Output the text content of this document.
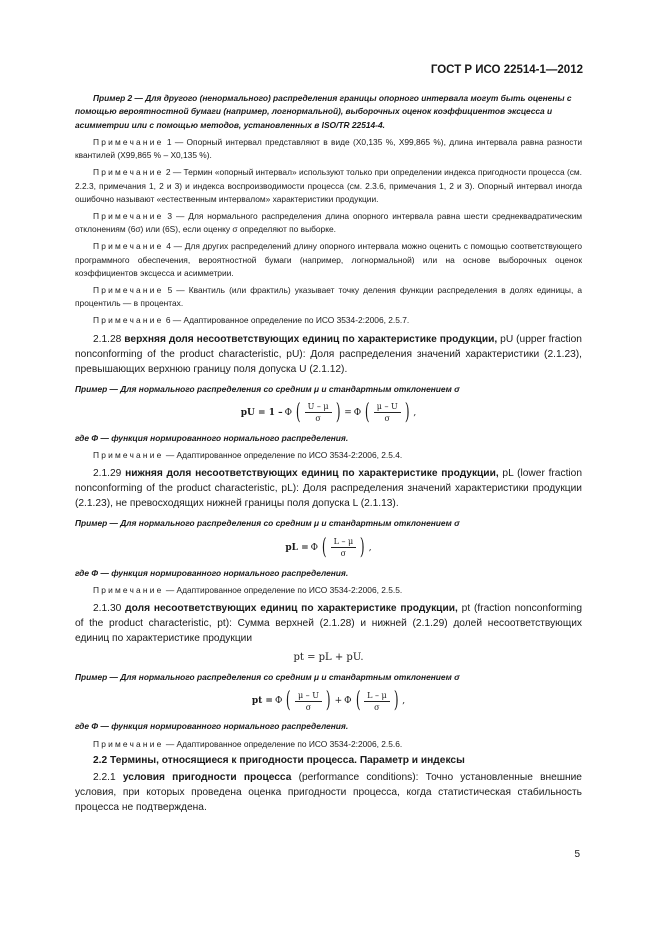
ГОСТ Р ИСО 22514-1—2012

Пример 2 — Для другого (ненормального) распределения границы опорного интервала могут быть оценены с помощью вероятностной бумаги (например, логнормальной), выборочных оценок коэффициентов эксцесса и асимметрии или с помощью методов, установленных в ISO/TR 22514-4.

Примечание 1 — Опорный интервал представляют в виде (X0,135 %, X99,865 %), длина интервала равна разности квантилей (X99,865 % – X0,135 %).

Примечание 2 — Термин «опорный интервал» используют только при определении индекса пригодности процесса (см. 2.2.3, примечания 1, 2 и 3) и индекса воспроизводимости процесса (см. 2.3.6, примечания 1, 2 и 3). Опорный интервал иногда ошибочно называют «естественным интервалом» характеристики продукции.

Примечание 3 — Для нормального распределения длина опорного интервала равна шести среднеквадратическим отклонениям (6σ) или (6S), если оценку σ определяют по выборке.

Примечание 4 — Для других распределений длину опорного интервала можно оценить с помощью соответствующего программного обеспечения, вероятностной бумаги (например, логнормальной) или на основе выборочных оценок коэффициентов эксцесса и асимметрии.

Примечание 5 — Квантиль (или фрактиль) указывает точку деления функции распределения в долях единицы, а процентиль — в процентах.

Примечание 6 — Адаптированное определение по ИСО 3534-2:2006, 2.5.7.

2.1.28 верхняя доля несоответствующих единиц по характеристике продукции, pU (upper fraction nonconforming of the product characteristic, pU): Доля распределения значений характеристики (2.1.23), превышающих верхнюю границу поля допуска U (2.1.12).

Пример — Для нормального распределения со средним μ и стандартным отклонением σ

pU = 1 – Φ ( $\frac{U - \mu}{\sigma}$ ) = Φ ( $\frac{\mu - U}{\sigma}$ ) ,

где Φ — функция нормированного нормального распределения.

Примечание — Адаптированное определение по ИСО 3534-2:2006, 2.5.4.

2.1.29 нижняя доля несоответствующих единиц по характеристике продукции, pL (lower fraction nonconforming of the product characteristic, pL): Доля распределения значений характеристики продукции (2.1.23), не превосходящих нижней границы поля допуска L (2.1.13).

Пример — Для нормального распределения со средним μ и стандартным отклонением σ

pL = Φ ( $\frac{L - \mu}{\sigma}$ ) ,

где Φ — функция нормированного нормального распределения.

Примечание — Адаптированное определение по ИСО 3534-2:2006, 2.5.5.

2.1.30 доля несоответствующих единиц по характеристике продукции, pt (fraction nonconforming of the product characteristic, pt): Сумма верхней (2.1.28) и нижней (2.1.29) долей несоответствующих единиц по характеристике продукции

pt = pL + pU.

Пример — Для нормального распределения со средним μ и стандартным отклонением σ

pt = Φ ( $\frac{\mu - U}{\sigma}$ ) + Φ ( $\frac{L - \mu}{\sigma}$ ) ,

где Φ — функция нормированного нормального распределения.

Примечание — Адаптированное определение по ИСО 3534-2:2006, 2.5.6.

2.2 Термины, относящиеся к пригодности процесса. Параметр и индексы

2.2.1 условия пригодности процесса (performance conditions): Точно установленные внешние условия, при которых проведена оценка пригодности процесса, когда статистическая стабильность процесса не подтверждена.

5
